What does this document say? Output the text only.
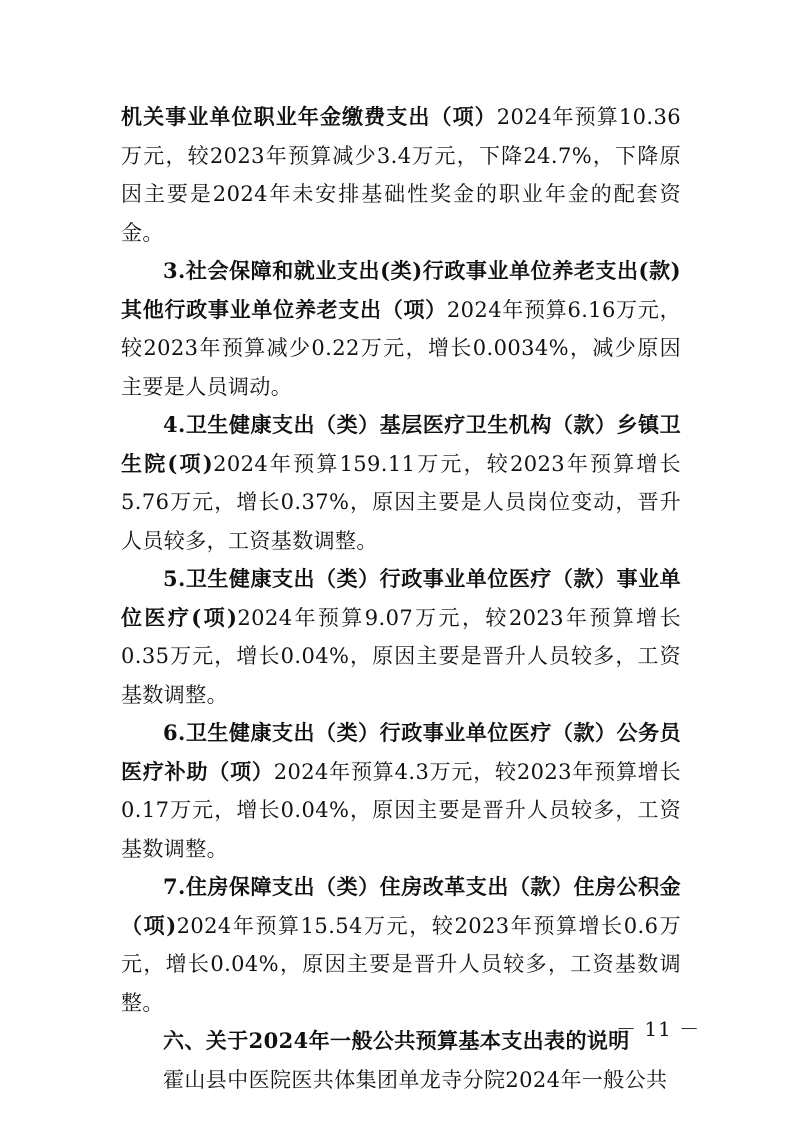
机关事业单位职业年金缴费支出（项）2024年预算10.36万元，较2023年预算减少3.4万元，下降24.7%，下降原因主要是2024年未安排基础性奖金的职业年金的配套资金。

3.社会保障和就业支出(类)行政事业单位养老支出(款)其他行政事业单位养老支出（项）2024年预算6.16万元，较2023年预算减少0.22万元，增长0.0034%，减少原因主要是人员调动。

4.卫生健康支出（类）基层医疗卫生机构（款）乡镇卫生院(项)2024年预算159.11万元，较2023年预算增长5.76万元，增长0.37%，原因主要是人员岗位变动，晋升人员较多，工资基数调整。

5.卫生健康支出（类）行政事业单位医疗（款）事业单位医疗(项)2024年预算9.07万元，较2023年预算增长0.35万元，增长0.04%，原因主要是晋升人员较多，工资基数调整。

6.卫生健康支出（类）行政事业单位医疗（款）公务员医疗补助（项）2024年预算4.3万元，较2023年预算增长0.17万元，增长0.04%，原因主要是晋升人员较多，工资基数调整。

7.住房保障支出（类）住房改革支出（款）住房公积金（项)2024年预算15.54万元，较2023年预算增长0.6万元，增长0.04%，原因主要是晋升人员较多，工资基数调整。

六、关于2024年一般公共预算基本支出表的说明

霍山县中医院医共体集团单龙寺分院2024年一般公共

－ 11 －
